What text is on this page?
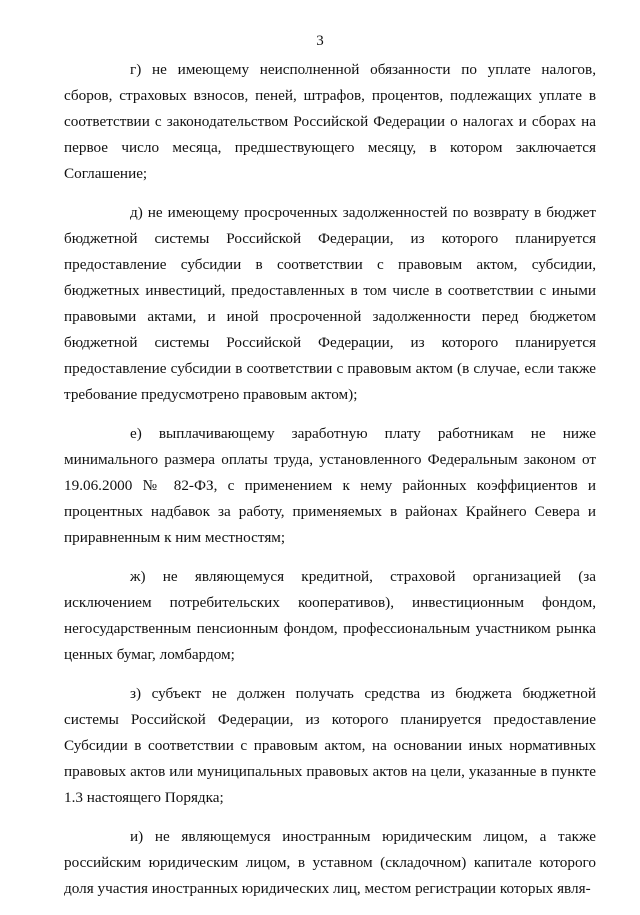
3

г) не имеющему неисполненной обязанности по уплате налогов, сборов, страховых взносов, пеней, штрафов, процентов, подлежащих уплате в соответствии с законодательством Российской Федерации о налогах и сборах на первое число месяца, предшествующего месяцу, в котором заключается Соглашение;

д) не имеющему просроченных задолженностей по возврату в бюджет бюджетной системы Российской Федерации, из которого планируется предоставление субсидии в соответствии с правовым актом, субсидии, бюджетных инвестиций, предоставленных в том числе в соответствии с иными правовыми актами, и иной просроченной задолженности перед бюджетом бюджетной системы Российской Федерации, из которого планируется предоставление субсидии в соответствии с правовым актом (в случае, если также требование предусмотрено правовым актом);

е) выплачивающему заработную плату работникам не ниже минимального размера оплаты труда, установленного Федеральным законом от 19.06.2000 № 82-ФЗ, с применением к нему районных коэффициентов и процентных надбавок за работу, применяемых в районах Крайнего Севера и приравненным к ним местностям;

ж) не являющемуся кредитной, страховой организацией (за исключением потребительских кооперативов), инвестиционным фондом, негосударственным пенсионным фондом, профессиональным участником рынка ценных бумаг, ломбардом;

з) субъект не должен получать средства из бюджета бюджетной системы Российской Федерации, из которого планируется предоставление Субсидии в соответствии с правовым актом, на основании иных нормативных правовых актов или муниципальных правовых актов на цели, указанные в пункте 1.3 настоящего Порядка;

и) не являющемуся иностранным юридическим лицом, а также российским юридическим лицом, в уставном (складочном) капитале которого доля участия иностранных юридических лиц, местом регистрации которых явля-
